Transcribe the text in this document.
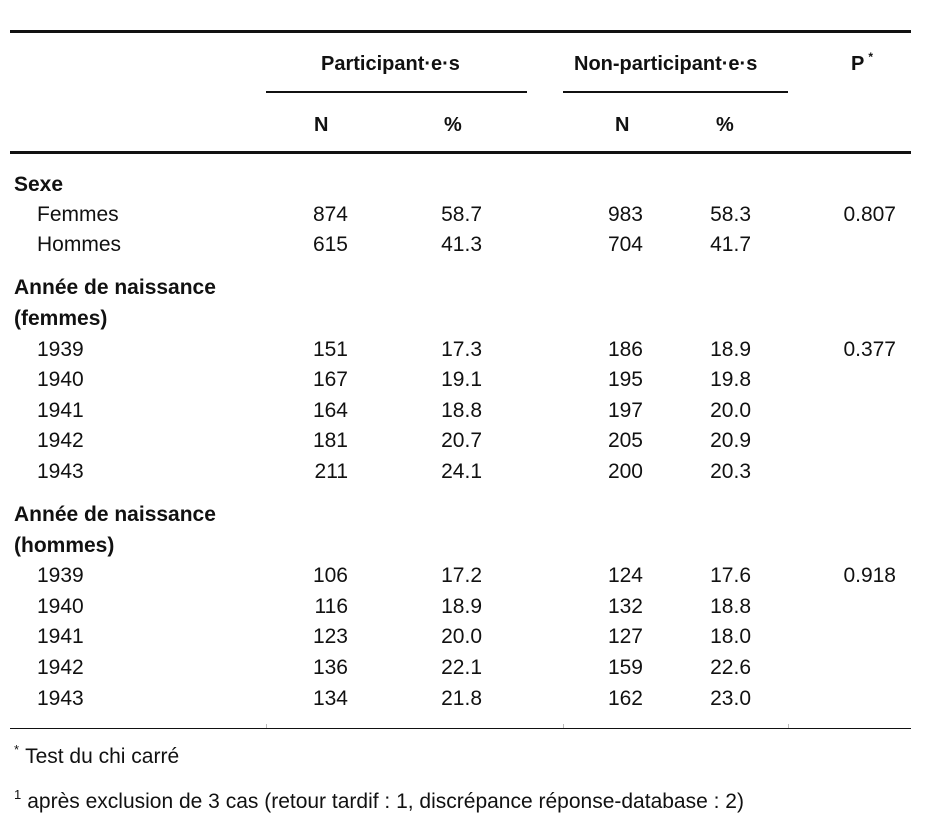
Participant·e·s	Non-participant·e·s	P *
N	%	N	%
Sexe
Femmes	874	58.7	983	58.3	0.807
Hommes	615	41.3	704	41.7
Année de naissance
(femmes)
1939	151	17.3	186	18.9	0.377
1940	167	19.1	195	19.8
1941	164	18.8	197	20.0
1942	181	20.7	205	20.9
1943	211	24.1	200	20.3
Année de naissance
(hommes)
1939	106	17.2	124	17.6	0.918
1940	116	18.9	132	18.8
1941	123	20.0	127	18.0
1942	136	22.1	159	22.6
1943	134	21.8	162	23.0
* Test du chi carré
$^1$ après exclusion de 3 cas (retour tardif : 1, discrépance réponse-database : 2)
